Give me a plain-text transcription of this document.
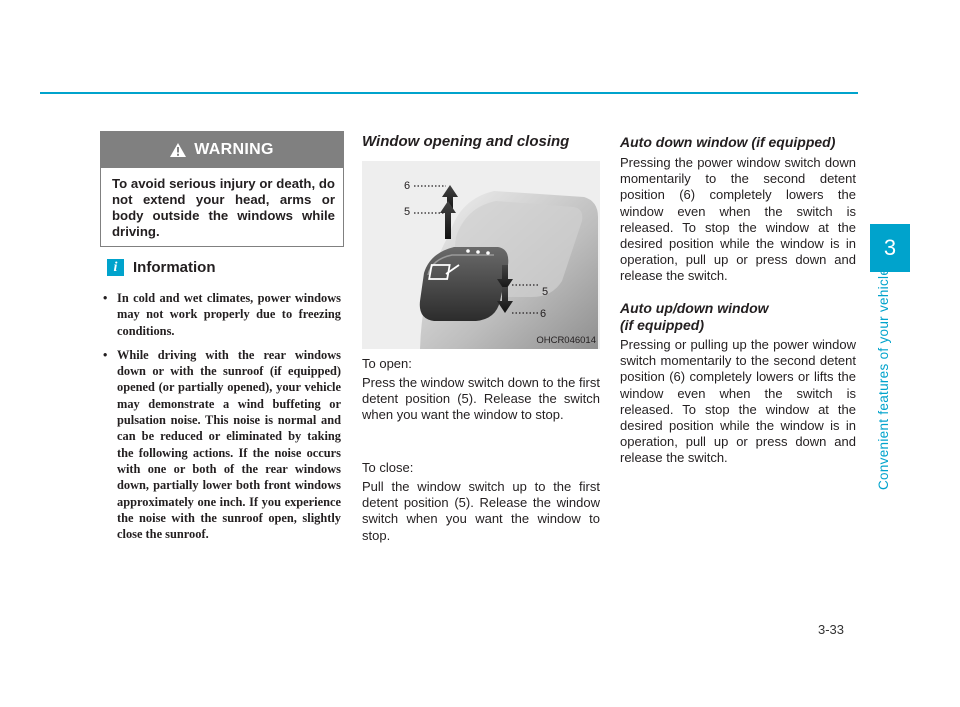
WARNING
To avoid serious injury or death, do not extend your head, arms or body outside the windows while driving.
i	Information
• In cold and wet climates, power windows may not work properly due to freezing conditions.
• While driving with the rear windows down or with the sunroof (if equipped) opened (or partially opened), your vehicle may demonstrate a wind buffeting or pulsation noise. This noise is normal and can be reduced or eliminated by taking the following actions. If the noise occurs with one or both of the rear windows down, partially lower both front windows approximately one inch. If you experience the noise with the sunroof open, slightly close the sunroof.
Window opening and closing
6
5
5
6
OHCR046014
To open:
Press the window switch down to the first detent position (5). Release the switch when you want the window to stop.
To close:
Pull the window switch up to the first detent position (5). Release the window switch when you want the window to stop.
Auto down window (if equipped)
Pressing the power window switch down momentarily to the second detent position (6) completely lowers the window even when the switch is released. To stop the window at the desired position while the window is in operation, pull up or press down and release the switch.
Auto up/down window
(if equipped)
Pressing or pulling up the power window switch momentarily to the second detent position (6) completely lowers or lifts the window even when the switch is released. To stop the window at the desired position while the window is in operation, pull up or press down and release the switch.
3
Convenient features of your vehicle
3-33
